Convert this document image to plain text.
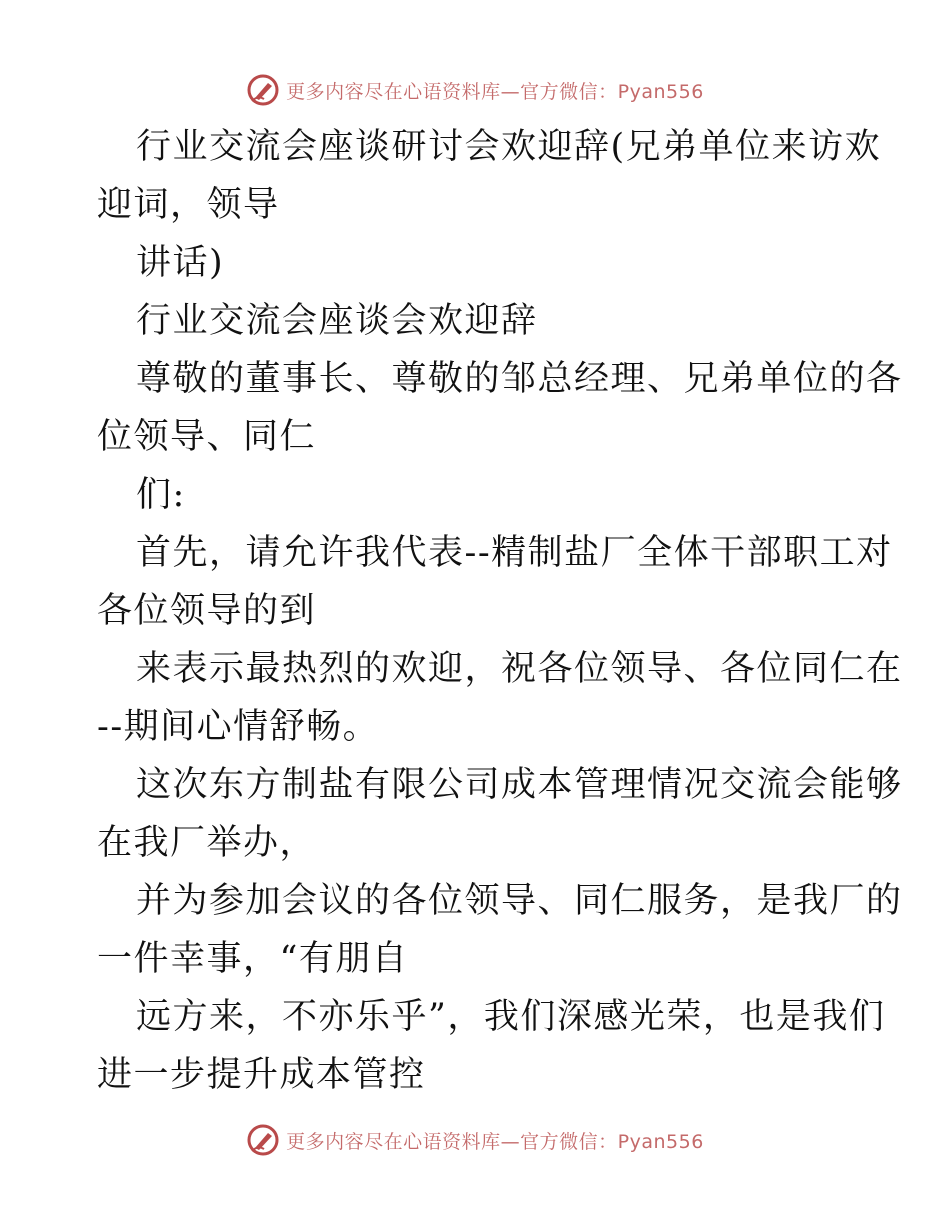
更多内容尽在心语资料库—官方微信：Pyan556
行业交流会座谈研讨会欢迎辞(兄弟单位来访欢
迎词，领导
讲话)
行业交流会座谈会欢迎辞
尊敬的董事长、尊敬的邹总经理、兄弟单位的各
位领导、同仁
们:
首先，请允许我代表--精制盐厂全体干部职工对
各位领导的到
来表示最热烈的欢迎，祝各位领导、各位同仁在
--期间心情舒畅。
这次东方制盐有限公司成本管理情况交流会能够
在我厂举办，
并为参加会议的各位领导、同仁服务，是我厂的
一件幸事，“有朋自
远方来，不亦乐乎”，我们深感光荣，也是我们
进一步提升成本管控
更多内容尽在心语资料库—官方微信：Pyan556
